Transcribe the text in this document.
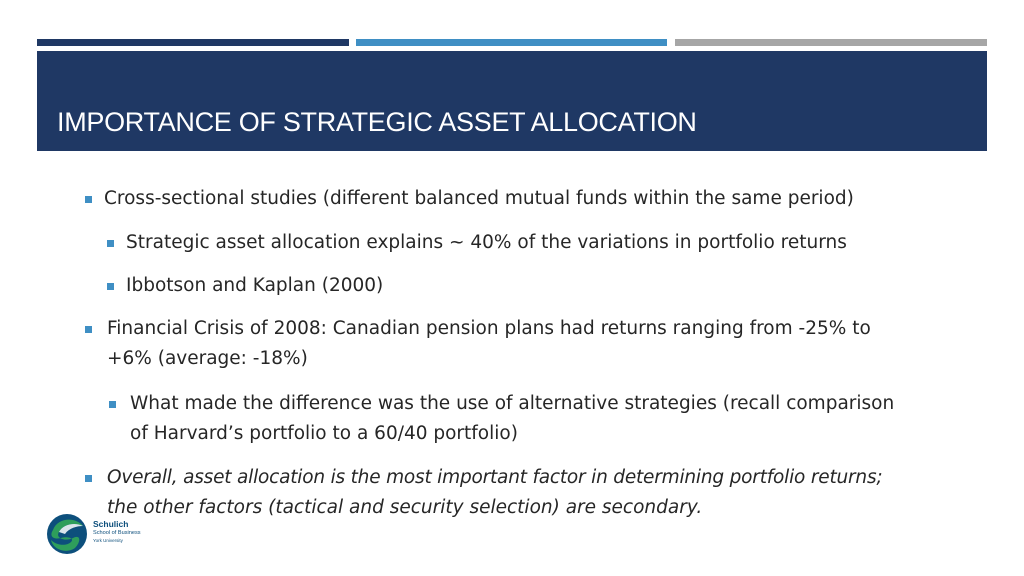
IMPORTANCE OF STRATEGIC ASSET ALLOCATION
Cross-sectional studies (different balanced mutual funds within the same period)
Strategic asset allocation explains ~ 40% of the variations in portfolio returns
Ibbotson and Kaplan (2000)
Financial Crisis of 2008: Canadian pension plans had returns ranging from -25% to
+6% (average: -18%)
What made the difference was the use of alternative strategies (recall comparison
of Harvard’s portfolio to a 60/40 portfolio)
Overall, asset allocation is the most important factor in determining portfolio returns;
the other factors (tactical and security selection) are secondary.
Schulich
School of Business
York University
